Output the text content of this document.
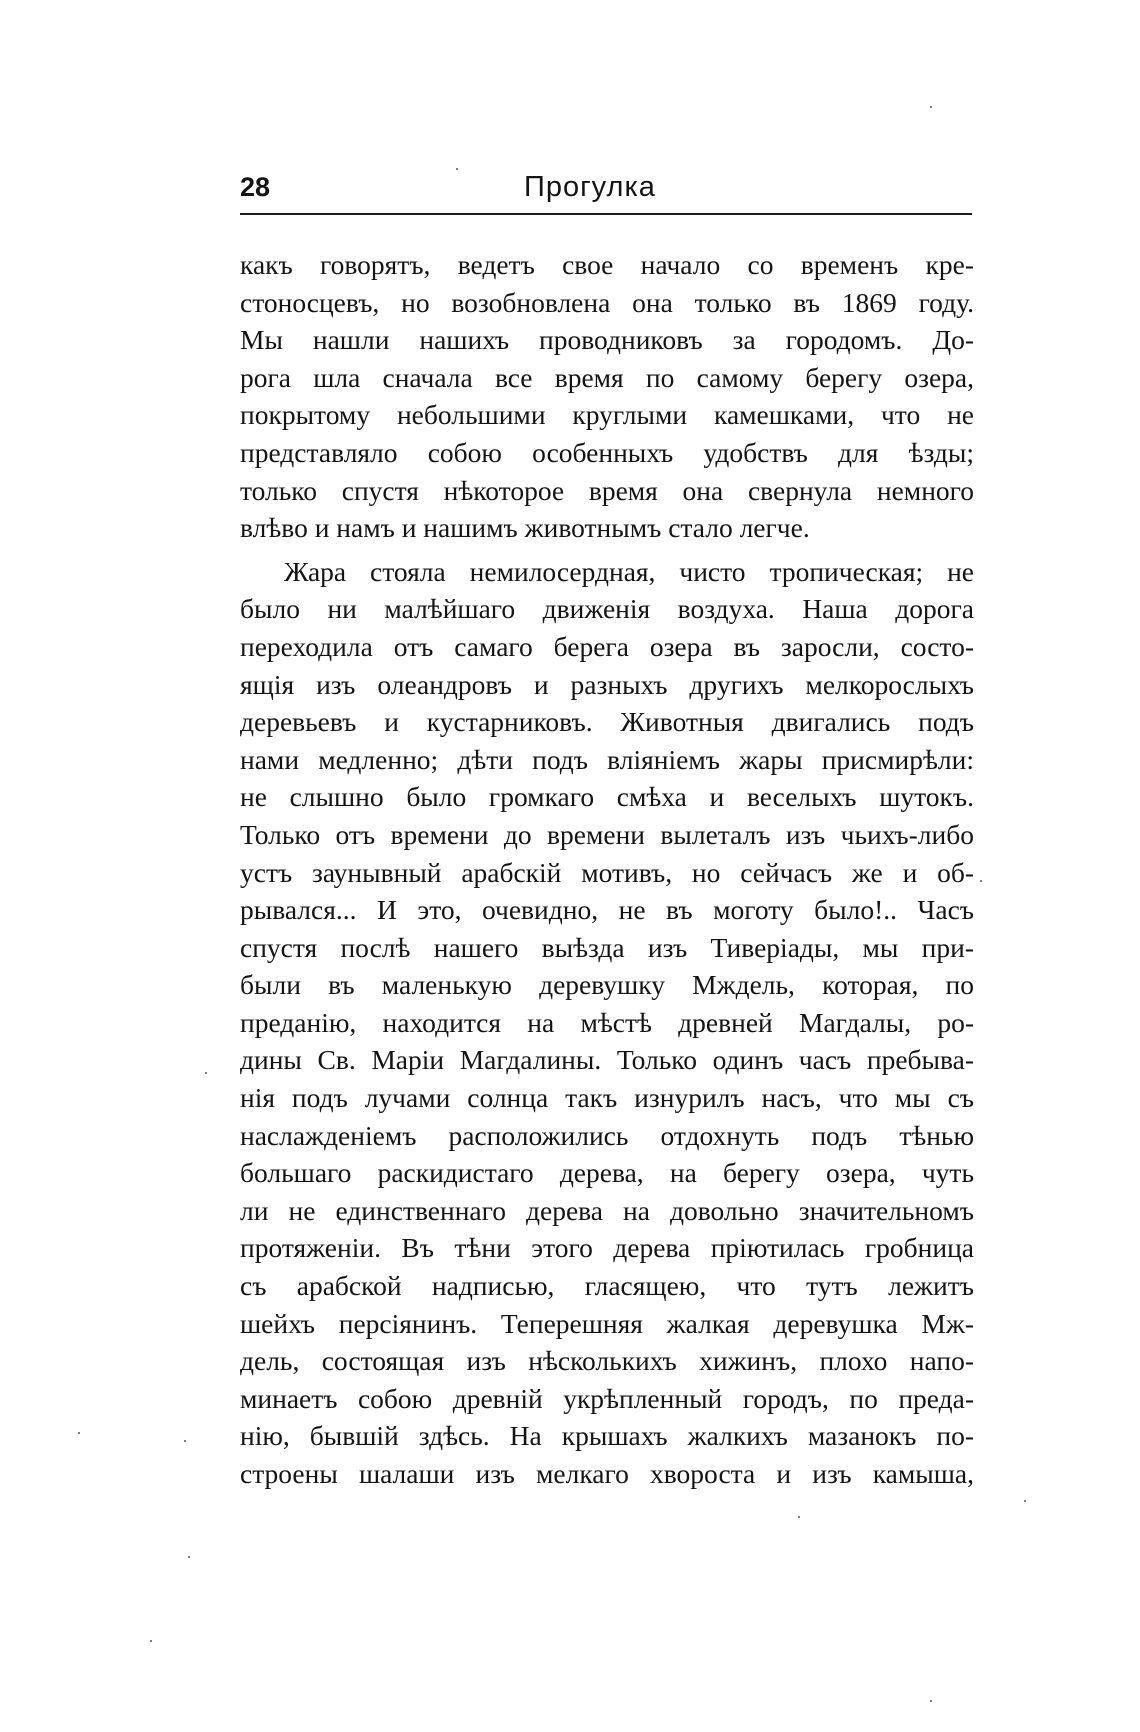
28	Прогулка
какъ говорятъ, ведетъ свое начало со временъ кре-
стоносцевъ, но возобновлена она только въ 1869 году.
Мы нашли нашихъ проводниковъ за городомъ. До-
рога шла сначала все время по самому берегу озера,
покрытому небольшими круглыми камешками, что не
представляло собою особенныхъ удобствъ для ѣзды;
только спустя нѣкоторое время она свернула немного
влѣво и намъ и нашимъ животнымъ стало легче.
Жара стояла немилосердная, чисто тропическая; не
было ни малѣйшаго движенія воздуха. Наша дорога
переходила отъ самаго берега озера въ заросли, состо-
ящія изъ олеандровъ и разныхъ другихъ мелкорослыхъ
деревьевъ и кустарниковъ. Животныя двигались подъ
нами медленно; дѣти подъ вліяніемъ жары присмирѣли:
не слышно было громкаго смѣха и веселыхъ шутокъ.
Только отъ времени до времени вылеталъ изъ чьихъ-либо
устъ заунывный арабскій мотивъ, но сейчасъ же и об-
рывался... И это, очевидно, не въ моготу было!.. Часъ
спустя послѣ нашего выѣзда изъ Тиверіады, мы при-
были въ маленькую деревушку Мждель, которая, по
преданію, находится на мѣстѣ древней Магдалы, ро-
дины Св. Маріи Магдалины. Только одинъ часъ пребыва-
нія подъ лучами солнца такъ изнурилъ насъ, что мы съ
наслажденіемъ расположились отдохнуть подъ тѣнью
большаго раскидистаго дерева, на берегу озера, чуть
ли не единственнаго дерева на довольно значительномъ
протяженіи. Въ тѣни этого дерева пріютилась гробница
съ арабской надписью, гласящею, что тутъ лежитъ
шейхъ персіянинъ. Теперешняя жалкая деревушка Мж-
дель, состоящая изъ нѣсколькихъ хижинъ, плохо напо-
минаетъ собою древній укрѣпленный городъ, по преда-
нію, бывшій здѣсь. На крышахъ жалкихъ мазанокъ по-
строены шалаши изъ мелкаго хвороста и изъ камыша,
